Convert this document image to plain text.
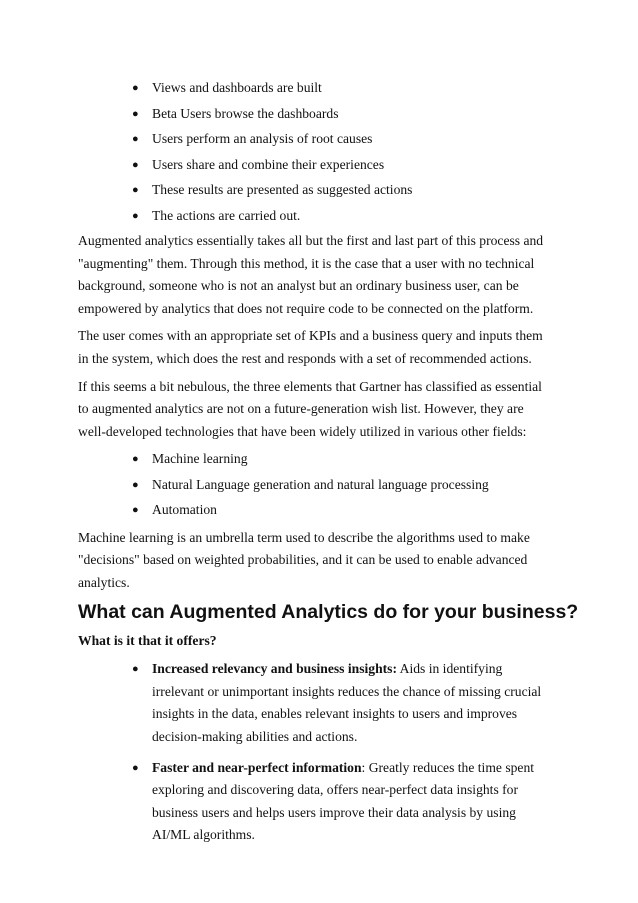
● Views and dashboards are built
● Beta Users browse the dashboards
● Users perform an analysis of root causes
● Users share and combine their experiences
● These results are presented as suggested actions
● The actions are carried out.

Augmented analytics essentially takes all but the first and last part of this process and
"augmenting" them. Through this method, it is the case that a user with no technical
background, someone who is not an analyst but an ordinary business user, can be
empowered by analytics that does not require code to be connected on the platform.

The user comes with an appropriate set of KPIs and a business query and inputs them
in the system, which does the rest and responds with a set of recommended actions.

If this seems a bit nebulous, the three elements that Gartner has classified as essential
to augmented analytics are not on a future-generation wish list. However, they are
well-developed technologies that have been widely utilized in various other fields:

● Machine learning
● Natural Language generation and natural language processing
● Automation

Machine learning is an umbrella term used to describe the algorithms used to make
"decisions" based on weighted probabilities, and it can be used to enable advanced
analytics.

What can Augmented Analytics do for your business?

What is it that it offers?

● Increased relevancy and business insights: Aids in identifying
irrelevant or unimportant insights reduces the chance of missing crucial
insights in the data, enables relevant insights to users and improves
decision-making abilities and actions.
● Faster and near-perfect information: Greatly reduces the time spent
exploring and discovering data, offers near-perfect data insights for
business users and helps users improve their data analysis by using
AI/ML algorithms.
